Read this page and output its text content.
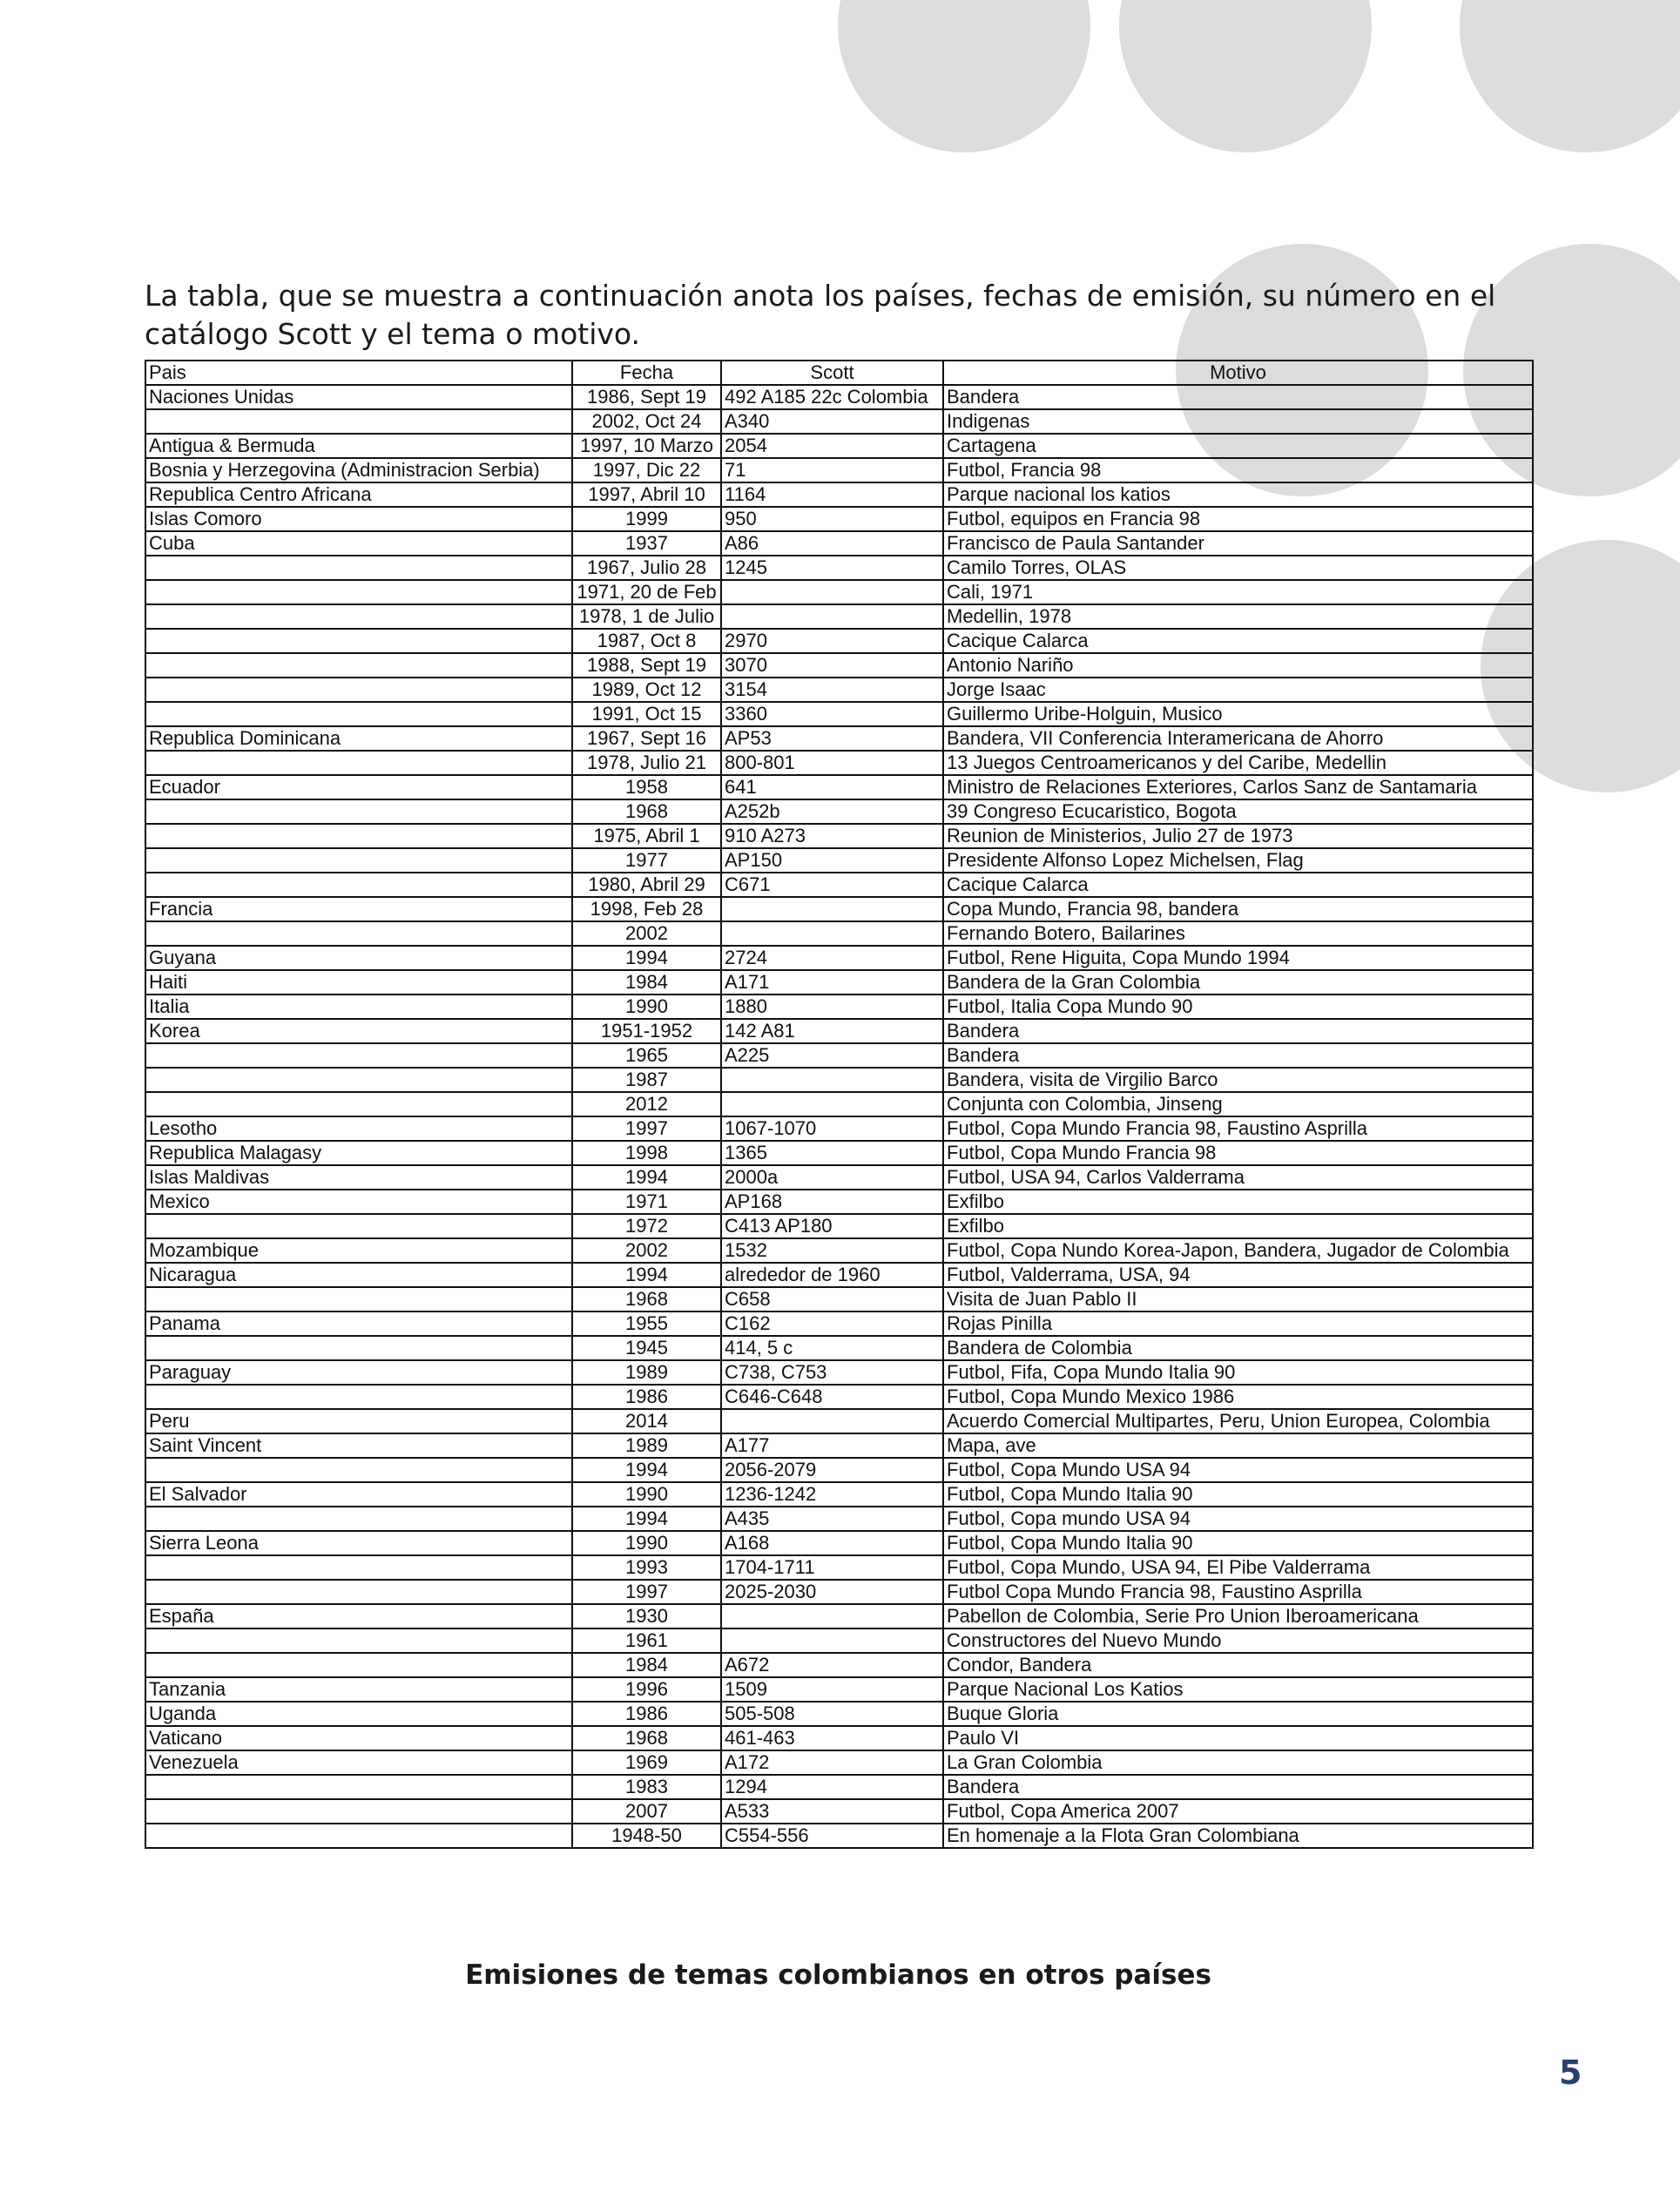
La tabla, que se muestra a continuación anota los países, fechas de emisión, su número en el catálogo Scott y el tema o motivo.

Pais	Fecha	Scott	Motivo
Naciones Unidas	1986, Sept 19	492 A185 22c Colombia	Bandera
	2002, Oct 24	A340	Indigenas
Antigua & Bermuda	1997, 10 Marzo	2054	Cartagena
Bosnia y Herzegovina (Administracion Serbia)	1997, Dic 22	71	Futbol, Francia 98
Republica Centro Africana	1997, Abril 10	1164	Parque nacional los katios
Islas Comoro	1999	950	Futbol, equipos en Francia 98
Cuba	1937	A86	Francisco de Paula Santander
	1967, Julio 28	1245	Camilo Torres, OLAS
	1971, 20 de Feb		Cali, 1971
	1978, 1 de Julio		Medellin, 1978
	1987, Oct 8	2970	Cacique Calarca
	1988, Sept 19	3070	Antonio Nariño
	1989, Oct 12	3154	Jorge Isaac
	1991, Oct 15	3360	Guillermo Uribe-Holguin, Musico
Republica Dominicana	1967, Sept 16	AP53	Bandera, VII Conferencia Interamericana de Ahorro
	1978, Julio 21	800-801	13 Juegos Centroamericanos y del Caribe, Medellin
Ecuador	1958	641	Ministro de Relaciones Exteriores, Carlos Sanz de Santamaria
	1968	A252b	39 Congreso Ecucaristico, Bogota
	1975, Abril 1	910 A273	Reunion de Ministerios, Julio 27 de 1973
	1977	AP150	Presidente Alfonso Lopez Michelsen, Flag
	1980, Abril 29	C671	Cacique Calarca
Francia	1998, Feb 28		Copa Mundo, Francia 98, bandera
	2002		Fernando Botero, Bailarines
Guyana	1994	2724	Futbol, Rene Higuita, Copa Mundo 1994
Haiti	1984	A171	Bandera de la Gran Colombia
Italia	1990	1880	Futbol, Italia Copa Mundo 90
Korea	1951-1952	142 A81	Bandera
	1965	A225	Bandera
	1987		Bandera, visita de Virgilio Barco
	2012		Conjunta con Colombia, Jinseng
Lesotho	1997	1067-1070	Futbol, Copa Mundo Francia 98, Faustino Asprilla
Republica Malagasy	1998	1365	Futbol, Copa Mundo Francia 98
Islas Maldivas	1994	2000a	Futbol, USA 94, Carlos Valderrama
Mexico	1971	AP168	Exfilbo
	1972	C413 AP180	Exfilbo
Mozambique	2002	1532	Futbol, Copa Nundo Korea-Japon, Bandera, Jugador de Colombia
Nicaragua	1994	alrededor de 1960	Futbol, Valderrama, USA, 94
	1968	C658	Visita de Juan Pablo II
Panama	1955	C162	Rojas Pinilla
	1945	414, 5 c	Bandera de Colombia
Paraguay	1989	C738, C753	Futbol, Fifa, Copa Mundo Italia 90
	1986	C646-C648	Futbol, Copa Mundo Mexico 1986
Peru	2014		Acuerdo Comercial Multipartes, Peru, Union Europea, Colombia
Saint Vincent	1989	A177	Mapa, ave
	1994	2056-2079	Futbol, Copa Mundo USA 94
El Salvador	1990	1236-1242	Futbol, Copa Mundo Italia 90
	1994	A435	Futbol, Copa mundo USA 94
Sierra Leona	1990	A168	Futbol, Copa Mundo Italia 90
	1993	1704-1711	Futbol, Copa Mundo, USA 94, El Pibe Valderrama
	1997	2025-2030	Futbol Copa Mundo Francia 98, Faustino Asprilla
España	1930		Pabellon de Colombia, Serie Pro Union Iberoamericana
	1961		Constructores del Nuevo Mundo
	1984	A672	Condor, Bandera
Tanzania	1996	1509	Parque Nacional Los Katios
Uganda	1986	505-508	Buque Gloria
Vaticano	1968	461-463	Paulo VI
Venezuela	1969	A172	La Gran Colombia
	1983	1294	Bandera
	2007	A533	Futbol, Copa America 2007
	1948-50	C554-556	En homenaje a la Flota Gran Colombiana
Emisiones de temas colombianos en otros países
5
